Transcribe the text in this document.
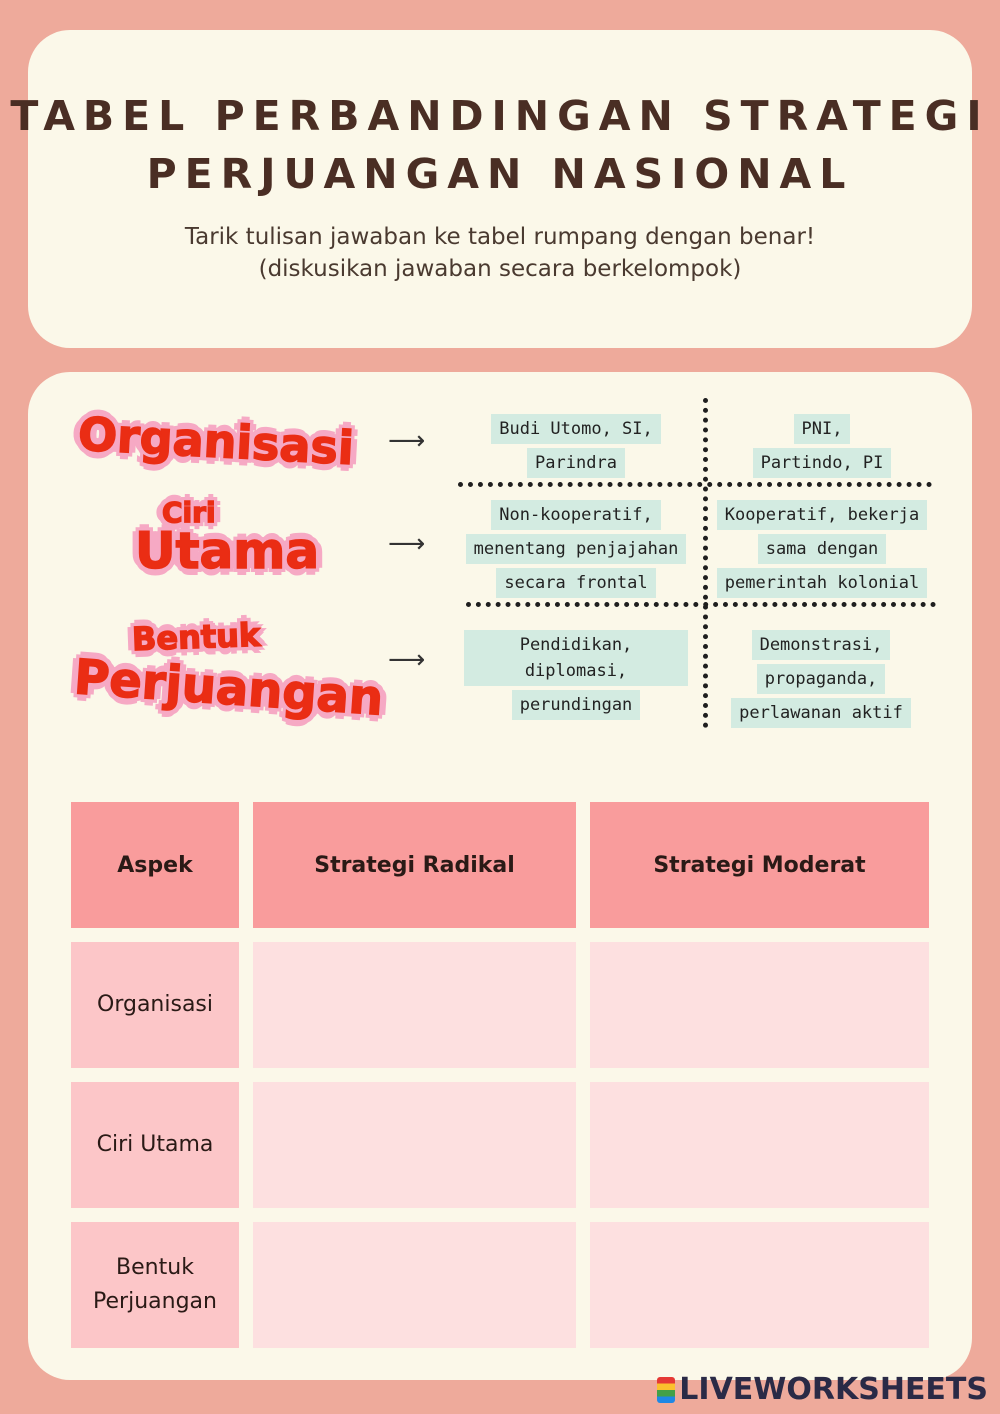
TABEL PERBANDINGAN STRATEGI
PERJUANGAN NASIONAL
Tarik tulisan jawaban ke tabel rumpang dengan benar!
(diskusikan jawaban secara berkelompok)
Organisasi
Ciri
Utama
Bentuk
Perjuangan
⟶
⟶
⟶
Budi Utomo, SI,
Parindra
PNI,
Partindo, PI
Non-kooperatif,
menentang penjajahan
secara frontal
Kooperatif, bekerja
sama dengan
pemerintah kolonial
Pendidikan, diplomasi,
perundingan
Demonstrasi,
propaganda,
perlawanan aktif
Aspek	Strategi Radikal	Strategi Moderat
Organisasi
Ciri Utama
Bentuk
Perjuangan
LIVEWORKSHEETS
